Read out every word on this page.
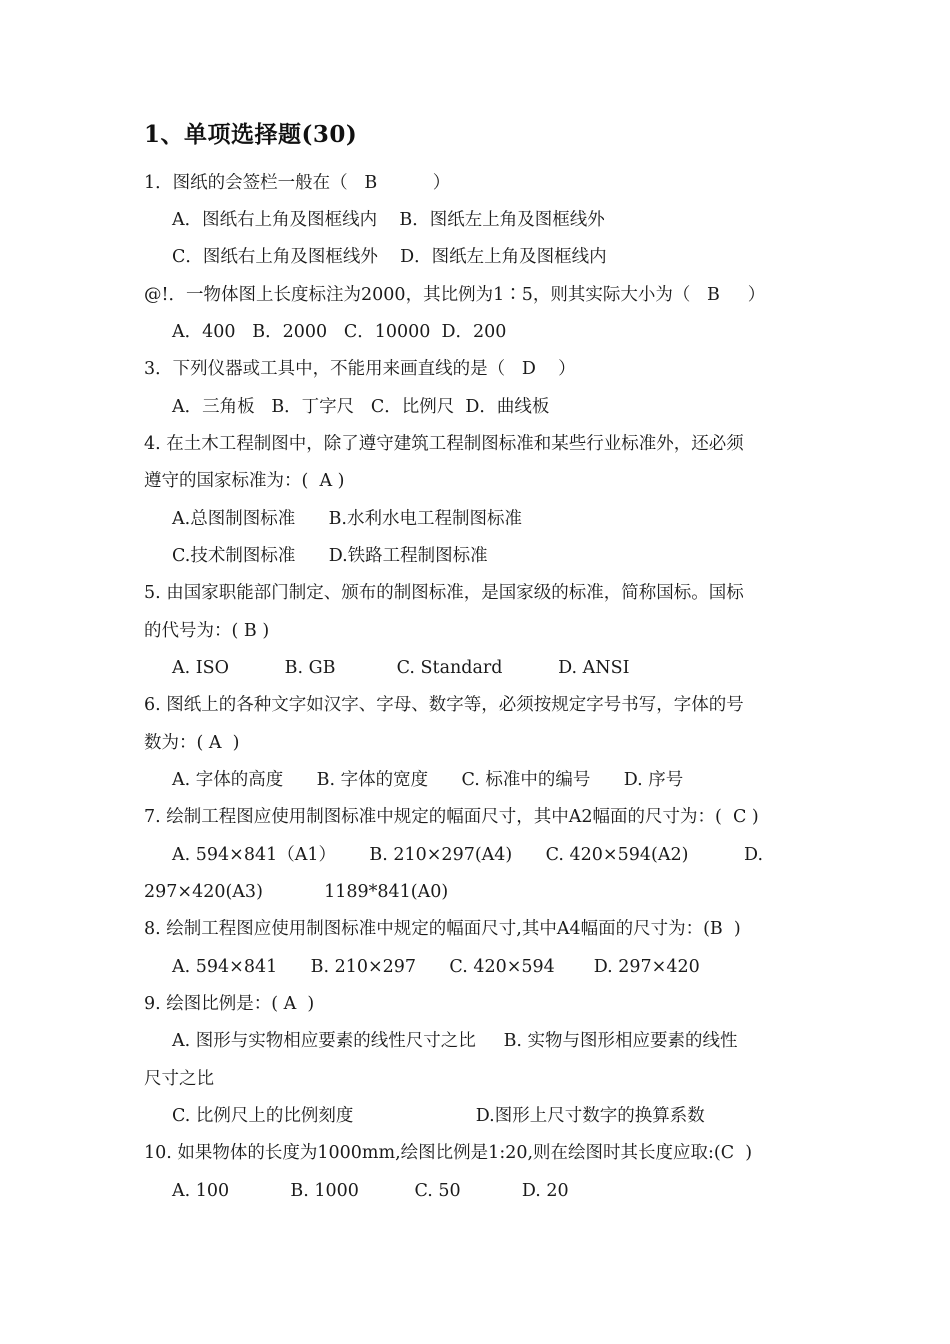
1、单项选择题(30)
1．图纸的会签栏一般在（   B          ）
A．图纸右上角及图框线内    B．图纸左上角及图框线外
C．图纸右上角及图框线外    D．图纸左上角及图框线内
@!．一物体图上长度标注为2000，其比例为1∶5，则其实际大小为（   B     ）
A．400   B．2000   C．10000  D．200
3．下列仪器或工具中，不能用来画直线的是（   D    ）
A．三角板   B．丁字尺   C．比例尺  D．曲线板
4. 在土木工程制图中，除了遵守建筑工程制图标准和某些行业标准外，还必须
遵守的国家标准为：(  A )
A.总图制图标准      B.水利水电工程制图标准
C.技术制图标准      D.铁路工程制图标准
5. 由国家职能部门制定、颁布的制图标准，是国家级的标准，简称国标。国标
的代号为：( B )
A. ISO          B. GB           C. Standard          D. ANSI
6. 图纸上的各种文字如汉字、字母、数字等，必须按规定字号书写，字体的号
数为：( A  )
A. 字体的高度      B. 字体的宽度      C. 标准中的编号      D. 序号
7. 绘制工程图应使用制图标准中规定的幅面尺寸，其中A2幅面的尺寸为：(  C )
A. 594×841（A1）      B. 210×297(A4)      C. 420×594(A2)          D.
297×420(A3)           1189*841(A0)
8. 绘制工程图应使用制图标准中规定的幅面尺寸,其中A4幅面的尺寸为：(B  )
A. 594×841      B. 210×297      C. 420×594       D. 297×420
9. 绘图比例是：( A  )
A. 图形与实物相应要素的线性尺寸之比     B. 实物与图形相应要素的线性
尺寸之比
C. 比例尺上的比例刻度                      D.图形上尺寸数字的换算系数
10. 如果物体的长度为1000mm,绘图比例是1:20,则在绘图时其长度应取:(C  )
A. 100           B. 1000          C. 50           D. 20
